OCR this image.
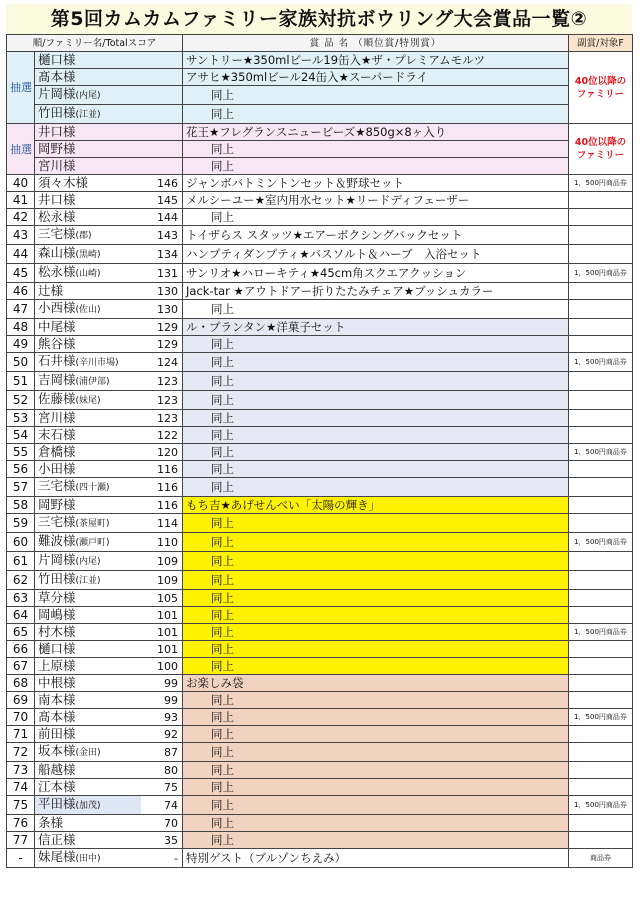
第5回カムカムファミリー家族対抗ボウリング大会賞品一覧②
順/ファミリー名/Totalスコア			賞 品 名 （順位賞/特別賞）	副賞/対象F
抽選	樋口様		サントリー★350mlビール19缶入★ザ・プレミアムモルツ	40位以降のファミリー

	髙本様		アサヒ★350mlビール24缶入★スーパードライ	
	片岡様(内尾)		同上	
	竹田様(江並)		同上	
抽選	井口様		花王★フレグランスニュービーズ★850g×8ヶ入り	40位以降のファミリー

	岡野様		同上	
	宮川様		同上	
40	須々木様	146	ジャンボバトミントンセット＆野球セット	1，500円商品券
41	井口様	145	メルシーユー★室内用水セット★リードディフェーザー	
42	松永様	144	同上	
43	三宅様(郡)	143	トイザらス スタッツ★エアーボクシングバックセット	
44	森山様(黒崎)	134	ハンプティダンプティ★バスソルト＆ハーブ　入浴セット	
45	松永様(山崎)	131	サンリオ★ハローキティ★45cm角スクエアクッション	1，500円商品券
46	辻様	130	Jack-tar ★アウトドアー折りたたみチェア★ブッシュカラー	
47	小西様(佐山)	130	同上	
48	中尾様	129	ル・プランタン★洋菓子セット	
49	熊谷様	129	同上	
50	石井様(辛川市場)	124	同上	1，500円商品券
51	吉岡様(浦伊部)	123	同上	
52	佐藤様(妹尾)	123	同上	
53	宮川様	123	同上	
54	末石様	122	同上	
55	倉橋様	120	同上	1，500円商品券
56	小田様	116	同上	
57	三宅様(四十瀬)	116	同上	
58	岡野様	116	もち吉★あげせんべい「太陽の輝き」	
59	三宅様(茶屋町)	114	同上	
60	難波様(瀬戸町)	110	同上	1，500円商品券
61	片岡様(内尾)	109	同上	
62	竹田様(江並)	109	同上	
63	草分様	105	同上	
64	岡嶋様	101	同上	
65	村木様	101	同上	1，500円商品券
66	樋口様	101	同上	
67	上原様	100	同上	
68	中根様	99	お楽しみ袋	
69	南本様	99	同上	
70	髙本様	93	同上	1，500円商品券
71	前田様	92	同上	
72	坂本様(金田)	87	同上	
73	船越様	80	同上	
74	江本様	75	同上	
75	平田様(加茂)	74	同上	1，500円商品券
76	条様	70	同上	
77	信正様	35	同上	
-	妹尾様(田中)	-	特別ゲスト（ブルゾンちえみ）	商品券
